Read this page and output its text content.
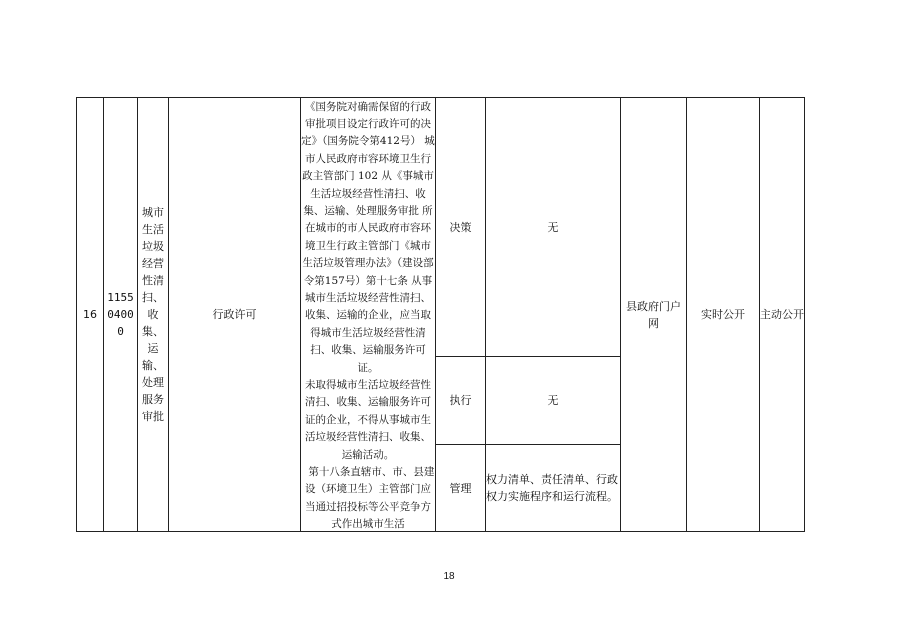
16	115504000	城市生活垃圾经营性清扫、收集、运输、处理服务审批	行政许可	《国务院对确需保留的行政审批项目设定行政许可的决定》（国务院令第412号） 城市人民政府市容环境卫生行政主管部门 102 从《事城市生活垃圾经营性清扫、收集、运输、处理服务审批 所在城市的市人民政府市容环境卫生行政主管部门《城市生活垃圾管理办法》（建设部令第157号）第十七条 从事城市生活垃圾经营性清扫、收集、运输的企业，应当取得城市生活垃圾经营性清扫、收集、运输服务许可证。
未取得城市生活垃圾经营性清扫、收集、运输服务许可证的企业，不得从事城市生活垃圾经营性清扫、收集、运输活动。
第十八条直辖市、市、县建设（环境卫生）主管部门应当通过招投标等公平竞争方式作出城市生活	决策	无	县政府门户网	实时公开	主动公开
					执行	无			
					管理	权力清单、责任清单、行政权力实施程序和运行流程。			
18
